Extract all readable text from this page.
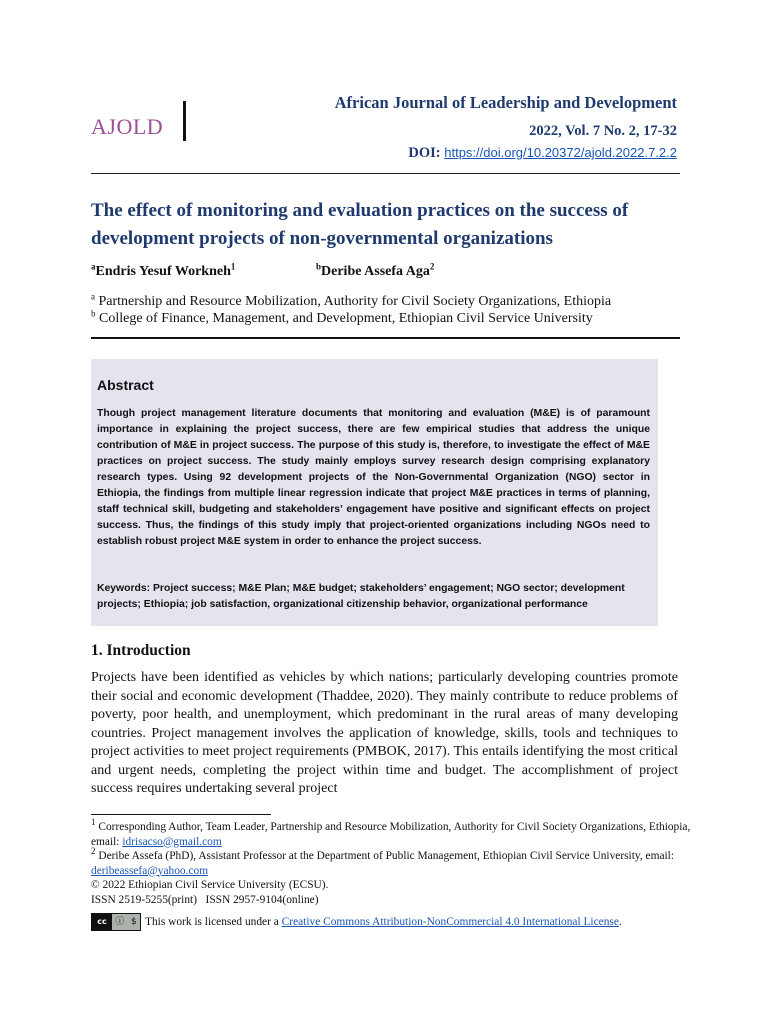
AJOLD
African Journal of Leadership and Development
2022, Vol. 7 No. 2, 17-32
DOI: https://doi.org/10.20372/ajold.2022.7.2.2
The effect of monitoring and evaluation practices on the success of development projects of non-governmental organizations
$^a$Endris Yesuf Workneh$^1$	$^b$Deribe Assefa Aga$^2$
$^a$ Partnership and Resource Mobilization, Authority for Civil Society Organizations, Ethiopia
$^b$ College of Finance, Management, and Development, Ethiopian Civil Service University
Abstract
Though project management literature documents that monitoring and evaluation (M&E) is of paramount importance in explaining the project success, there are few empirical studies that address the unique contribution of M&E in project success. The purpose of this study is, therefore, to investigate the effect of M&E practices on project success. The study mainly employs survey research design comprising explanatory research types. Using 92 development projects of the Non-Governmental Organization (NGO) sector in Ethiopia, the findings from multiple linear regression indicate that project M&E practices in terms of planning, staff technical skill, budgeting and stakeholders’ engagement have positive and significant effects on project success. Thus, the findings of this study imply that project-oriented organizations including NGOs need to establish robust project M&E system in order to enhance the project success.
Keywords: Project success; M&E Plan; M&E budget; stakeholders’ engagement; NGO sector; development projects; Ethiopia; job satisfaction, organizational citizenship behavior, organizational performance
1. Introduction
Projects have been identified as vehicles by which nations; particularly developing countries promote their social and economic development (Thaddee, 2020). They mainly contribute to reduce problems of poverty, poor health, and unemployment, which predominant in the rural areas of many developing countries. Project management involves the application of knowledge, skills, tools and techniques to project activities to meet project requirements (PMBOK, 2017). This entails identifying the most critical and urgent needs, completing the project within time and budget. The accomplishment of project success requires undertaking several project
$^1$ Corresponding Author, Team Leader, Partnership and Resource Mobilization, Authority for Civil Society Organizations, Ethiopia, email: idrisacso@gmail.com
$^2$ Deribe Assefa (PhD), Assistant Professor at the Department of Public Management, Ethiopian Civil Service University, email: deribeassefa@yahoo.com
© 2022 Ethiopian Civil Service University (ECSU).
ISSN 2519-5255(print)   ISSN 2957-9104(online)
cc ⓘ $ This work is licensed under a
Creative Commons Attribution-NonCommercial 4.0 International License .
